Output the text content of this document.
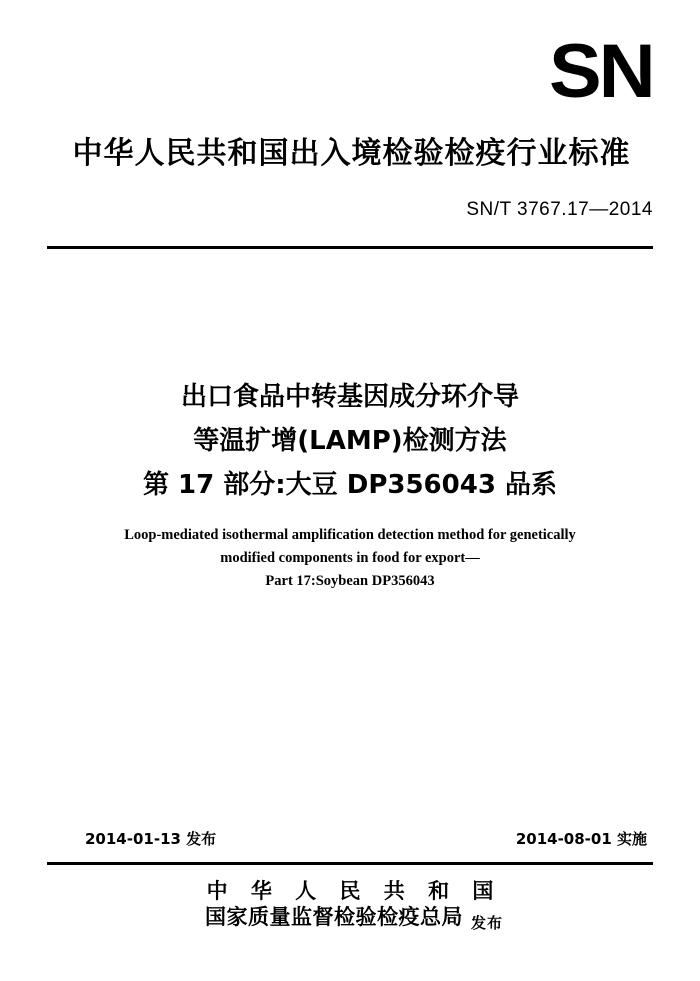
SN
中华人民共和国出入境检验检疫行业标准
SN/T 3767.17—2014
出口食品中转基因成分环介导
等温扩增(LAMP)检测方法
第 17 部分:大豆 DP356043 品系
Loop-mediated isothermal amplification detection method for genetically
modified components in food for export—
Part 17:Soybean DP356043
2014-01-13 发布	2014-08-01 实施
中 华 人 民 共 和 国
国家质量监督检验检疫总局 发布
